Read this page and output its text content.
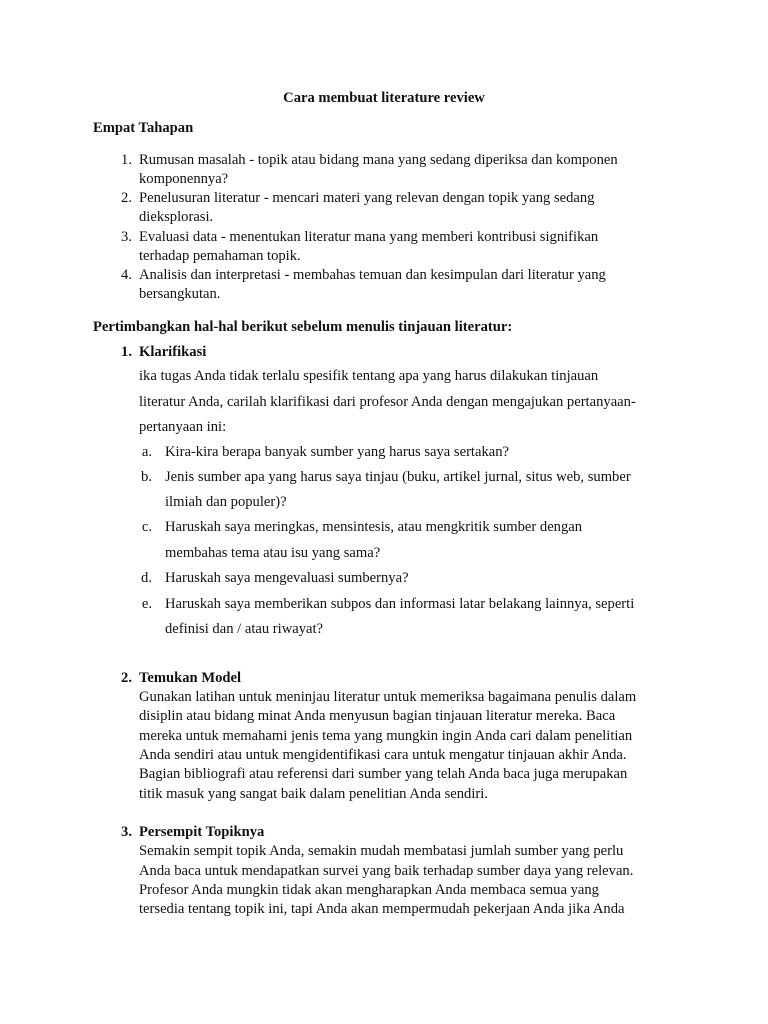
Cara membuat literature review
Empat Tahapan
1. Rumusan masalah - topik atau bidang mana yang sedang diperiksa dan komponen
komponennya?
2. Penelusuran literatur - mencari materi yang relevan dengan topik yang sedang
dieksplorasi.
3. Evaluasi data - menentukan literatur mana yang memberi kontribusi signifikan
terhadap pemahaman topik.
4. Analisis dan interpretasi - membahas temuan dan kesimpulan dari literatur yang
bersangkutan.
Pertimbangkan hal-hal berikut sebelum menulis tinjauan literatur:
1. Klarifikasi
ika tugas Anda tidak terlalu spesifik tentang apa yang harus dilakukan tinjauan
literatur Anda, carilah klarifikasi dari profesor Anda dengan mengajukan pertanyaan-
pertanyaan ini:
a. Kira-kira berapa banyak sumber yang harus saya sertakan?
b. Jenis sumber apa yang harus saya tinjau (buku, artikel jurnal, situs web, sumber
ilmiah dan populer)?
c. Haruskah saya meringkas, mensintesis, atau mengkritik sumber dengan
membahas tema atau isu yang sama?
d. Haruskah saya mengevaluasi sumbernya?
e. Haruskah saya memberikan subpos dan informasi latar belakang lainnya, seperti
definisi dan / atau riwayat?
2. Temukan Model
Gunakan latihan untuk meninjau literatur untuk memeriksa bagaimana penulis dalam
disiplin atau bidang minat Anda menyusun bagian tinjauan literatur mereka. Baca
mereka untuk memahami jenis tema yang mungkin ingin Anda cari dalam penelitian
Anda sendiri atau untuk mengidentifikasi cara untuk mengatur tinjauan akhir Anda.
Bagian bibliografi atau referensi dari sumber yang telah Anda baca juga merupakan
titik masuk yang sangat baik dalam penelitian Anda sendiri.
3. Persempit Topiknya
Semakin sempit topik Anda, semakin mudah membatasi jumlah sumber yang perlu
Anda baca untuk mendapatkan survei yang baik terhadap sumber daya yang relevan.
Profesor Anda mungkin tidak akan mengharapkan Anda membaca semua yang
tersedia tentang topik ini, tapi Anda akan mempermudah pekerjaan Anda jika Anda
